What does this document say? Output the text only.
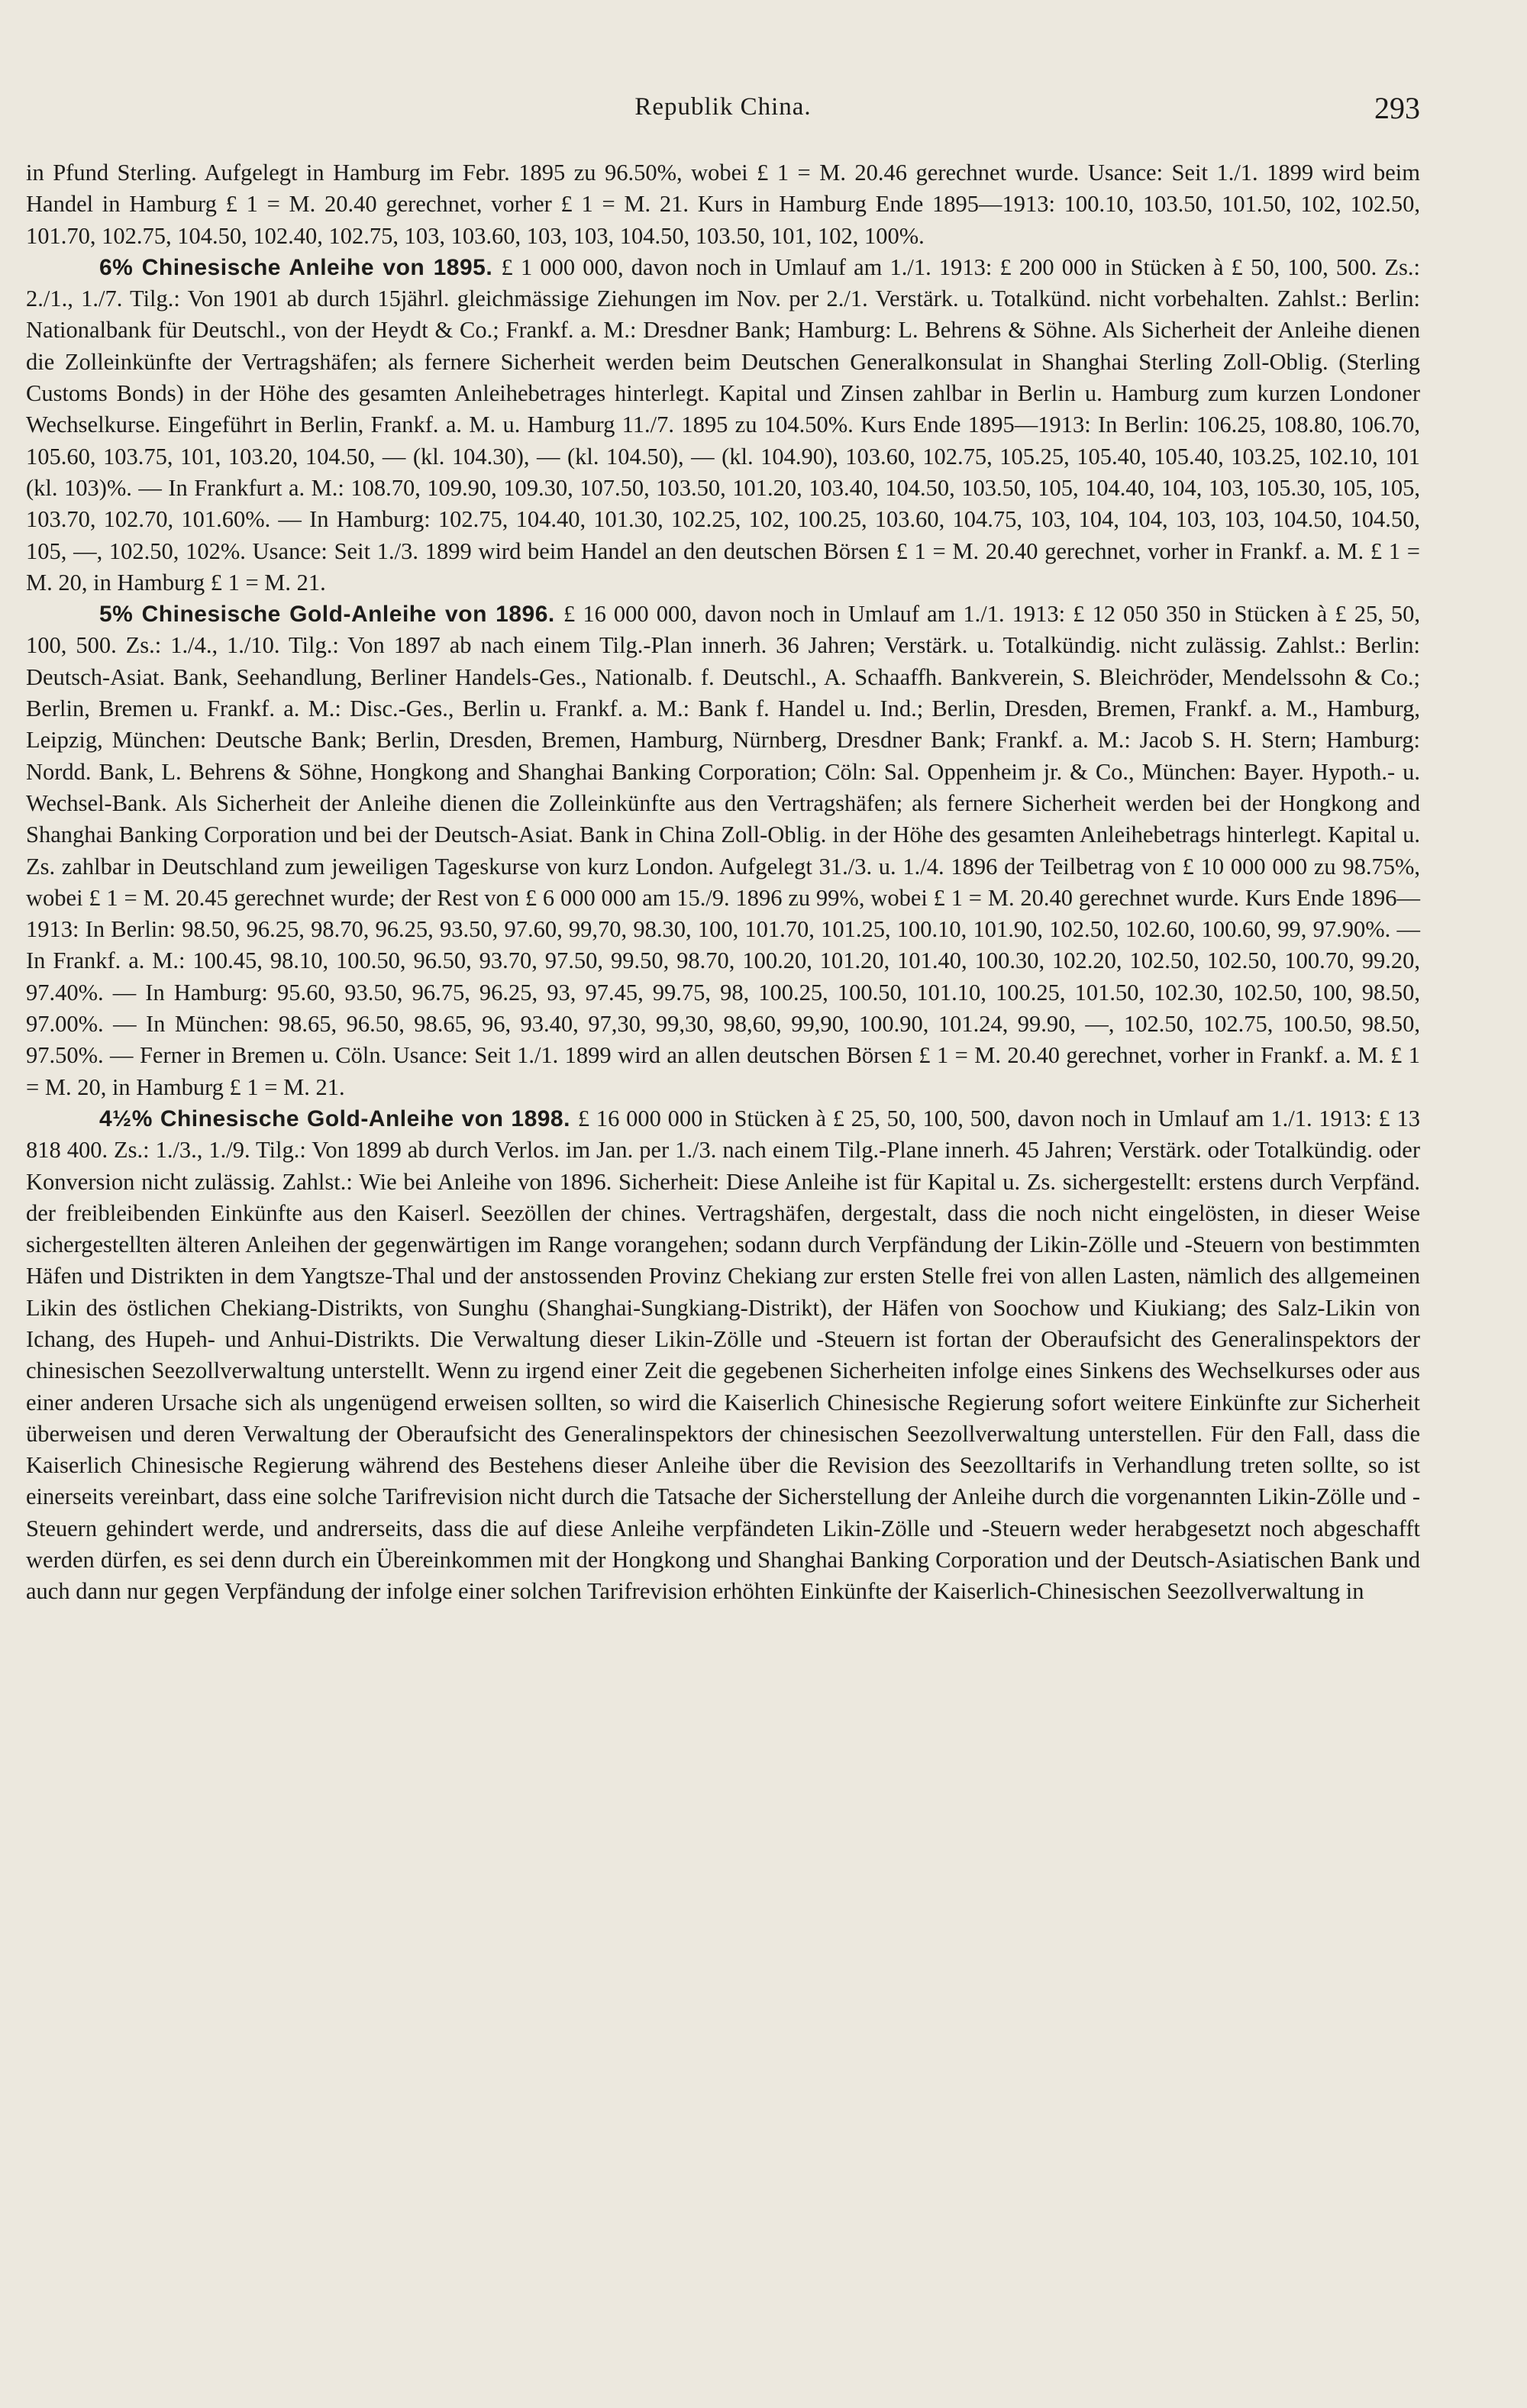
Republik China.	293

in Pfund Sterling. Aufgelegt in Hamburg im Febr. 1895 zu 96.50%, wobei £ 1 = M. 20.46 gerechnet wurde. Usance: Seit 1./1. 1899 wird beim Handel in Hamburg £ 1 = M. 20.40 gerechnet, vorher £ 1 = M. 21. Kurs in Hamburg Ende 1895—1913: 100.10, 103.50, 101.50, 102, 102.50, 101.70, 102.75, 104.50, 102.40, 102.75, 103, 103.60, 103, 103, 104.50, 103.50, 101, 102, 100%.

6% Chinesische Anleihe von 1895. £ 1 000 000, davon noch in Umlauf am 1./1. 1913: £ 200 000 in Stücken à £ 50, 100, 500. Zs.: 2./1., 1./7. Tilg.: Von 1901 ab durch 15jährl. gleichmässige Ziehungen im Nov. per 2./1. Verstärk. u. Totalkünd. nicht vorbehalten. Zahlst.: Berlin: Nationalbank für Deutschl., von der Heydt & Co.; Frankf. a. M.: Dresdner Bank; Hamburg: L. Behrens & Söhne. Als Sicherheit der Anleihe dienen die Zolleinkünfte der Vertragshäfen; als fernere Sicherheit werden beim Deutschen Generalkonsulat in Shanghai Sterling Zoll-Oblig. (Sterling Customs Bonds) in der Höhe des gesamten Anleihebetrages hinterlegt. Kapital und Zinsen zahlbar in Berlin u. Hamburg zum kurzen Londoner Wechselkurse. Eingeführt in Berlin, Frankf. a. M. u. Hamburg 11./7. 1895 zu 104.50%. Kurs Ende 1895—1913: In Berlin: 106.25, 108.80, 106.70, 105.60, 103.75, 101, 103.20, 104.50, — (kl. 104.30), — (kl. 104.50), — (kl. 104.90), 103.60, 102.75, 105.25, 105.40, 105.40, 103.25, 102.10, 101 (kl. 103)%. — In Frankfurt a. M.: 108.70, 109.90, 109.30, 107.50, 103.50, 101.20, 103.40, 104.50, 103.50, 105, 104.40, 104, 103, 105.30, 105, 105, 103.70, 102.70, 101.60%. — In Hamburg: 102.75, 104.40, 101.30, 102.25, 102, 100.25, 103.60, 104.75, 103, 104, 104, 103, 103, 104.50, 104.50, 105, —, 102.50, 102%. Usance: Seit 1./3. 1899 wird beim Handel an den deutschen Börsen £ 1 = M. 20.40 gerechnet, vorher in Frankf. a. M. £ 1 = M. 20, in Hamburg £ 1 = M. 21.

5% Chinesische Gold-Anleihe von 1896. £ 16 000 000, davon noch in Umlauf am 1./1. 1913: £ 12 050 350 in Stücken à £ 25, 50, 100, 500. Zs.: 1./4., 1./10. Tilg.: Von 1897 ab nach einem Tilg.-Plan innerh. 36 Jahren; Verstärk. u. Totalkündig. nicht zulässig. Zahlst.: Berlin: Deutsch-Asiat. Bank, Seehandlung, Berliner Handels-Ges., Nationalb. f. Deutschl., A. Schaaffh. Bankverein, S. Bleichröder, Mendelssohn & Co.; Berlin, Bremen u. Frankf. a. M.: Disc.-Ges., Berlin u. Frankf. a. M.: Bank f. Handel u. Ind.; Berlin, Dresden, Bremen, Frankf. a. M., Hamburg, Leipzig, München: Deutsche Bank; Berlin, Dresden, Bremen, Hamburg, Nürnberg, Dresdner Bank; Frankf. a. M.: Jacob S. H. Stern; Hamburg: Nordd. Bank, L. Behrens & Söhne, Hongkong and Shanghai Banking Corporation; Cöln: Sal. Oppenheim jr. & Co., München: Bayer. Hypoth.- u. Wechsel-Bank. Als Sicherheit der Anleihe dienen die Zolleinkünfte aus den Vertragshäfen; als fernere Sicherheit werden bei der Hongkong and Shanghai Banking Corporation und bei der Deutsch-Asiat. Bank in China Zoll-Oblig. in der Höhe des gesamten Anleihebetrags hinterlegt. Kapital u. Zs. zahlbar in Deutschland zum jeweiligen Tageskurse von kurz London. Aufgelegt 31./3. u. 1./4. 1896 der Teilbetrag von £ 10 000 000 zu 98.75%, wobei £ 1 = M. 20.45 gerechnet wurde; der Rest von £ 6 000 000 am 15./9. 1896 zu 99%, wobei £ 1 = M. 20.40 gerechnet wurde. Kurs Ende 1896—1913: In Berlin: 98.50, 96.25, 98.70, 96.25, 93.50, 97.60, 99,70, 98.30, 100, 101.70, 101.25, 100.10, 101.90, 102.50, 102.60, 100.60, 99, 97.90%. — In Frankf. a. M.: 100.45, 98.10, 100.50, 96.50, 93.70, 97.50, 99.50, 98.70, 100.20, 101.20, 101.40, 100.30, 102.20, 102.50, 102.50, 100.70, 99.20, 97.40%. — In Hamburg: 95.60, 93.50, 96.75, 96.25, 93, 97.45, 99.75, 98, 100.25, 100.50, 101.10, 100.25, 101.50, 102.30, 102.50, 100, 98.50, 97.00%. — In München: 98.65, 96.50, 98.65, 96, 93.40, 97,30, 99,30, 98,60, 99,90, 100.90, 101.24, 99.90, —, 102.50, 102.75, 100.50, 98.50, 97.50%. — Ferner in Bremen u. Cöln. Usance: Seit 1./1. 1899 wird an allen deutschen Börsen £ 1 = M. 20.40 gerechnet, vorher in Frankf. a. M. £ 1 = M. 20, in Hamburg £ 1 = M. 21.

4½% Chinesische Gold-Anleihe von 1898. £ 16 000 000 in Stücken à £ 25, 50, 100, 500, davon noch in Umlauf am 1./1. 1913: £ 13 818 400. Zs.: 1./3., 1./9. Tilg.: Von 1899 ab durch Verlos. im Jan. per 1./3. nach einem Tilg.-Plane innerh. 45 Jahren; Verstärk. oder Totalkündig. oder Konversion nicht zulässig. Zahlst.: Wie bei Anleihe von 1896. Sicherheit: Diese Anleihe ist für Kapital u. Zs. sichergestellt: erstens durch Verpfänd. der freibleibenden Einkünfte aus den Kaiserl. Seezöllen der chines. Vertragshäfen, dergestalt, dass die noch nicht eingelösten, in dieser Weise sichergestellten älteren Anleihen der gegenwärtigen im Range vorangehen; sodann durch Verpfändung der Likin-Zölle und -Steuern von bestimmten Häfen und Distrikten in dem Yangtsze-Thal und der anstossenden Provinz Chekiang zur ersten Stelle frei von allen Lasten, nämlich des allgemeinen Likin des östlichen Chekiang-Distrikts, von Sunghu (Shanghai-Sungkiang-Distrikt), der Häfen von Soochow und Kiukiang; des Salz-Likin von Ichang, des Hupeh- und Anhui-Distrikts. Die Verwaltung dieser Likin-Zölle und -Steuern ist fortan der Oberaufsicht des Generalinspektors der chinesischen Seezollverwaltung unterstellt. Wenn zu irgend einer Zeit die gegebenen Sicherheiten infolge eines Sinkens des Wechselkurses oder aus einer anderen Ursache sich als ungenügend erweisen sollten, so wird die Kaiserlich Chinesische Regierung sofort weitere Einkünfte zur Sicherheit überweisen und deren Verwaltung der Oberaufsicht des Generalinspektors der chinesischen Seezollverwaltung unterstellen. Für den Fall, dass die Kaiserlich Chinesische Regierung während des Bestehens dieser Anleihe über die Revision des Seezolltarifs in Verhandlung treten sollte, so ist einerseits vereinbart, dass eine solche Tarifrevision nicht durch die Tatsache der Sicherstellung der Anleihe durch die vorgenannten Likin-Zölle und -Steuern gehindert werde, und andrerseits, dass die auf diese Anleihe verpfändeten Likin-Zölle und -Steuern weder herabgesetzt noch abgeschafft werden dürfen, es sei denn durch ein Übereinkommen mit der Hongkong und Shanghai Banking Corporation und der Deutsch-Asiatischen Bank und auch dann nur gegen Verpfändung der infolge einer solchen Tarifrevision erhöhten Einkünfte der Kaiserlich-Chinesischen Seezollverwaltung in
